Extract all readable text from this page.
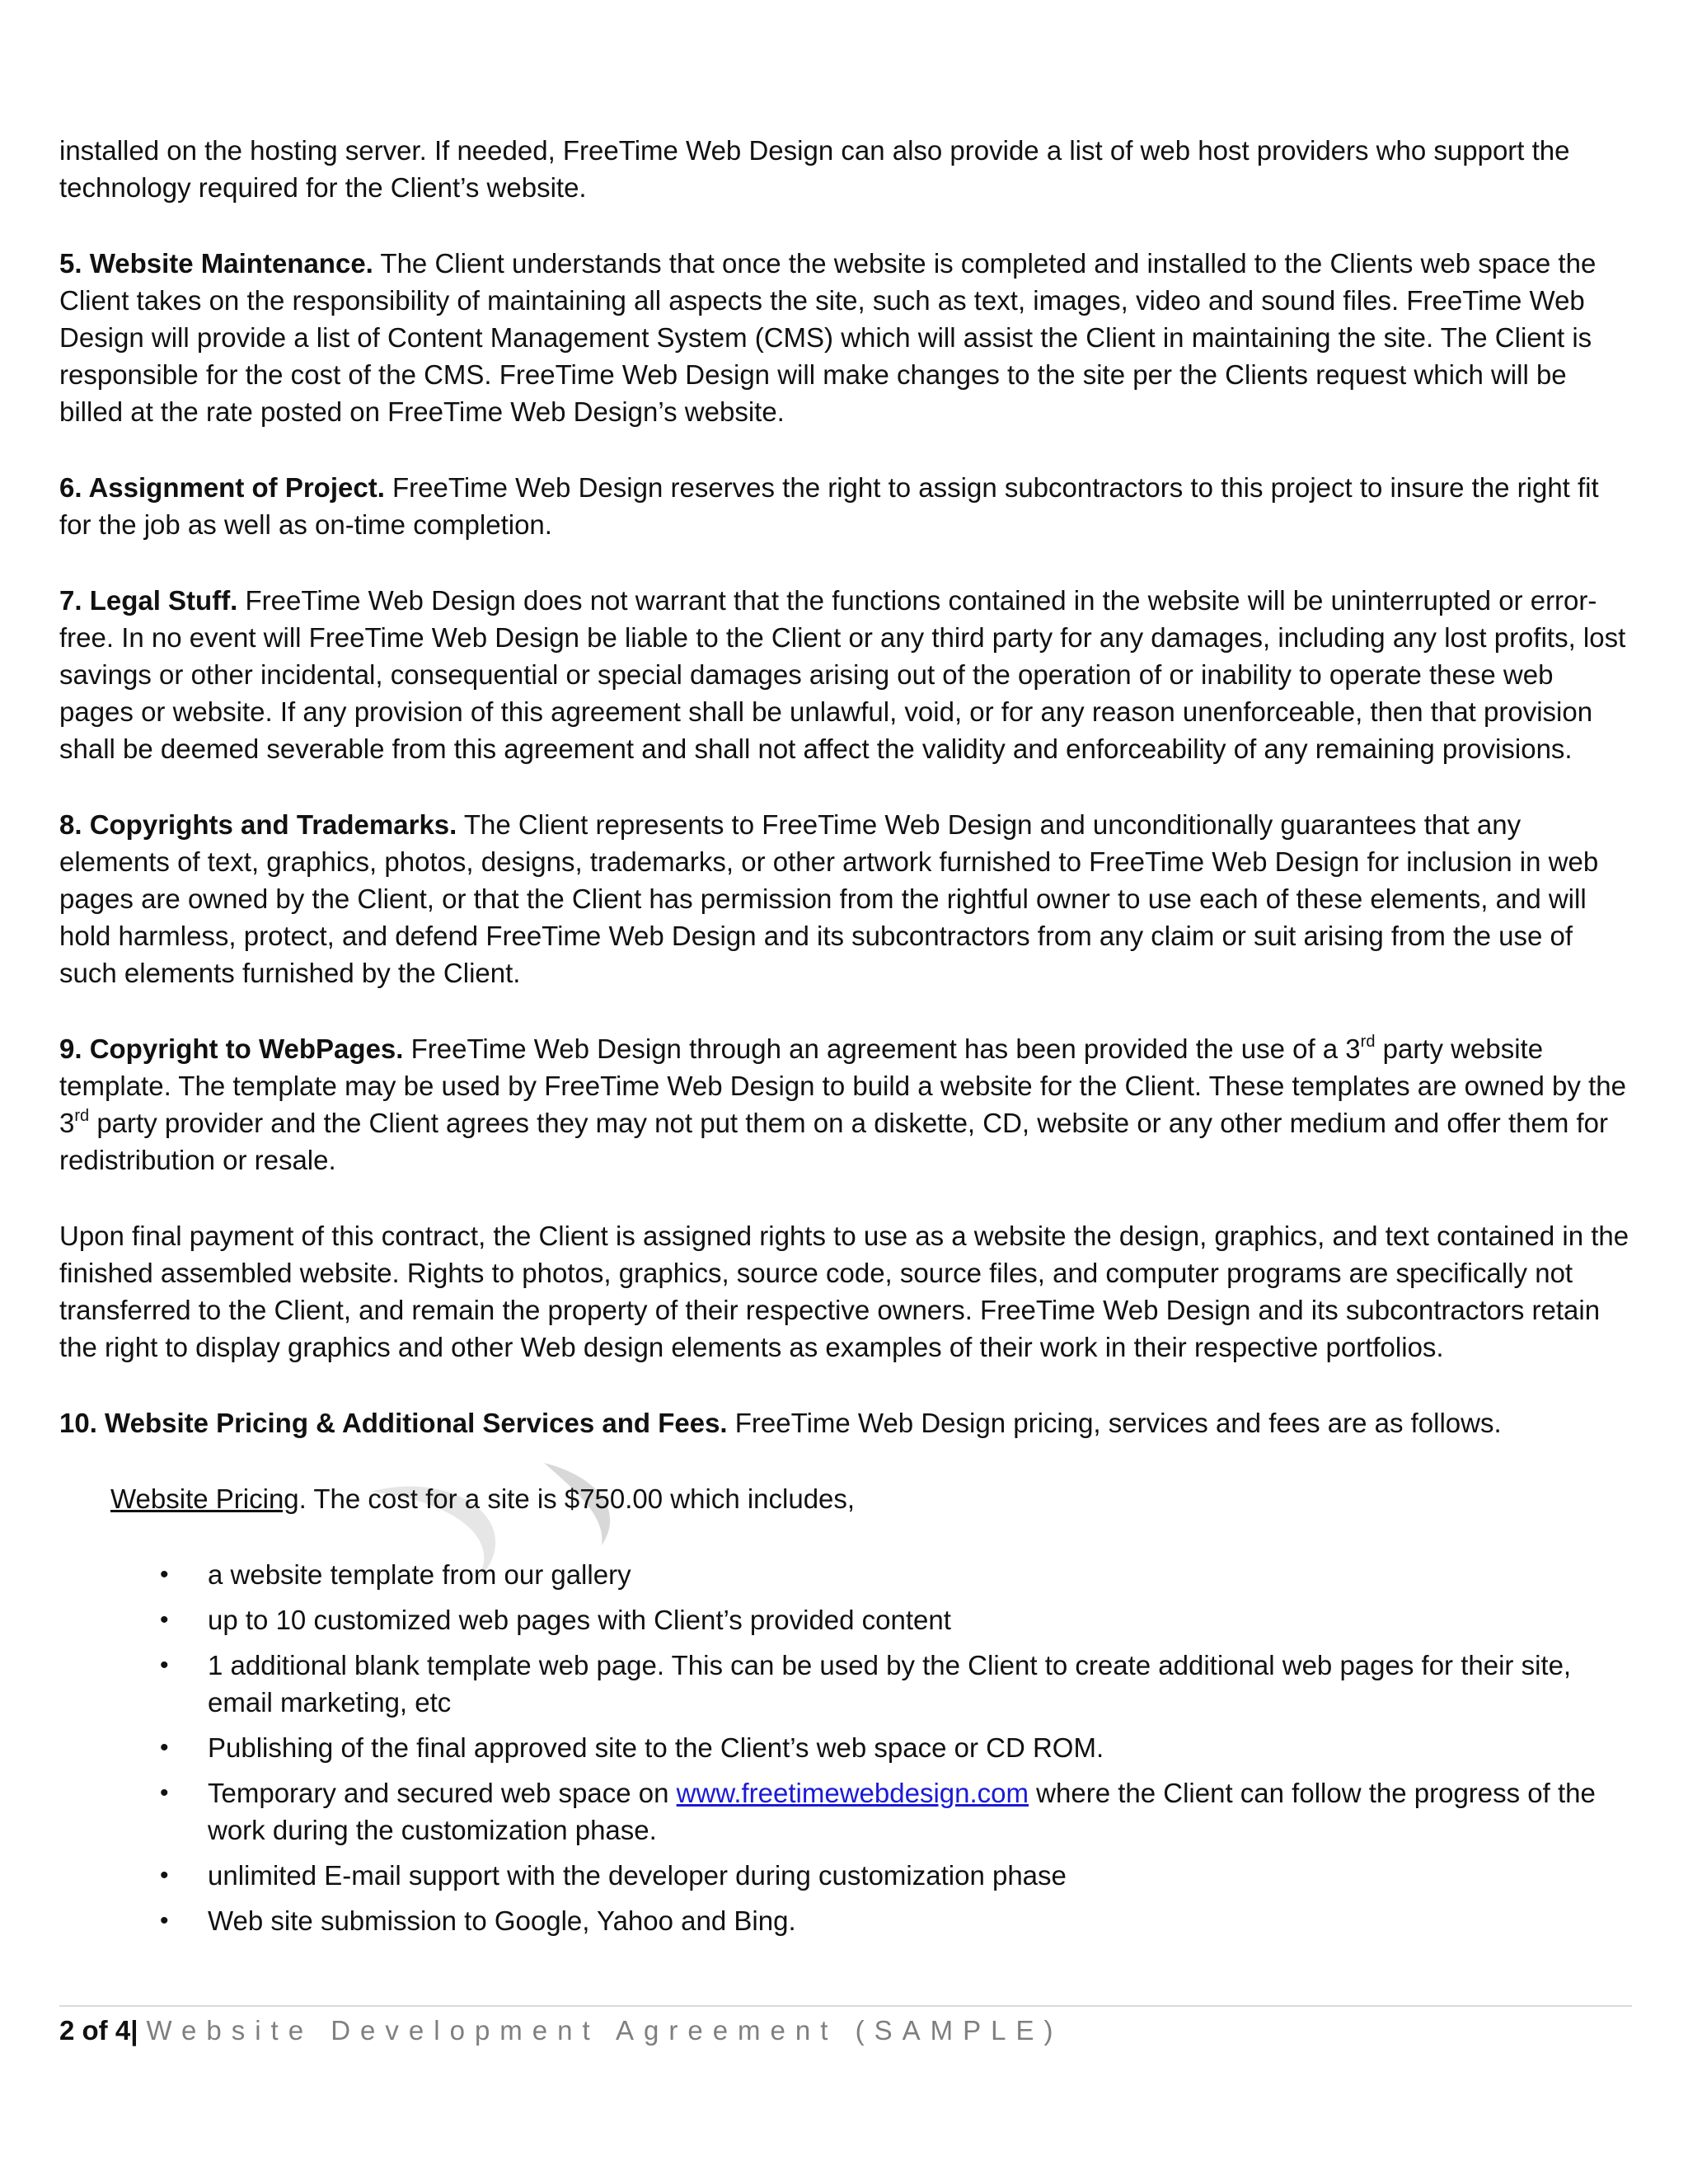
installed on the hosting server. If needed, FreeTime Web Design can also provide a list of web host providers who support the technology required for the Client’s website.

5. Website Maintenance. The Client understands that once the website is completed and installed to the Clients web space the Client takes on the responsibility of maintaining all aspects the site, such as text, images, video and sound files. FreeTime Web Design will provide a list of Content Management System (CMS) which will assist the Client in maintaining the site. The Client is responsible for the cost of the CMS. FreeTime Web Design will make changes to the site per the Clients request which will be billed at the rate posted on FreeTime Web Design’s website.

6. Assignment of Project. FreeTime Web Design reserves the right to assign subcontractors to this project to insure the right fit for the job as well as on-time completion.

7. Legal Stuff. FreeTime Web Design does not warrant that the functions contained in the website will be uninterrupted or error-free. In no event will FreeTime Web Design be liable to the Client or any third party for any damages, including any lost profits, lost savings or other incidental, consequential or special damages arising out of the operation of or inability to operate these web pages or website. If any provision of this agreement shall be unlawful, void, or for any reason unenforceable, then that provision shall be deemed severable from this agreement and shall not affect the validity and enforceability of any remaining provisions.

8. Copyrights and Trademarks. The Client represents to FreeTime Web Design and unconditionally guarantees that any elements of text, graphics, photos, designs, trademarks, or other artwork furnished to FreeTime Web Design for inclusion in web pages are owned by the Client, or that the Client has permission from the rightful owner to use each of these elements, and will hold harmless, protect, and defend FreeTime Web Design and its subcontractors from any claim or suit arising from the use of such elements furnished by the Client.

9. Copyright to WebPages. FreeTime Web Design through an agreement has been provided the use of a 3rd party website template. The template may be used by FreeTime Web Design to build a website for the Client. These templates are owned by the 3rd party provider and the Client agrees they may not put them on a diskette, CD, website or any other medium and offer them for redistribution or resale.

Upon final payment of this contract, the Client is assigned rights to use as a website the design, graphics, and text contained in the finished assembled website. Rights to photos, graphics, source code, source files, and computer programs are specifically not transferred to the Client, and remain the property of their respective owners. FreeTime Web Design and its subcontractors retain the right to display graphics and other Web design elements as examples of their work in their respective portfolios.

10. Website Pricing & Additional Services and Fees. FreeTime Web Design pricing, services and fees are as follows.

Website Pricing. The cost for a site is $750.00 which includes,

• a website template from our gallery
• up to 10 customized web pages with Client’s provided content
• 1 additional blank template web page. This can be used by the Client to create additional web pages for their site, email marketing, etc
• Publishing of the final approved site to the Client’s web space or CD ROM.
• Temporary and secured web space on www.freetimewebdesign.com where the Client can follow the progress of the work during the customization phase.
• unlimited E-mail support with the developer during customization phase
• Web site submission to Google, Yahoo and Bing.
2 of 4| Website Development Agreement (SAMPLE)
